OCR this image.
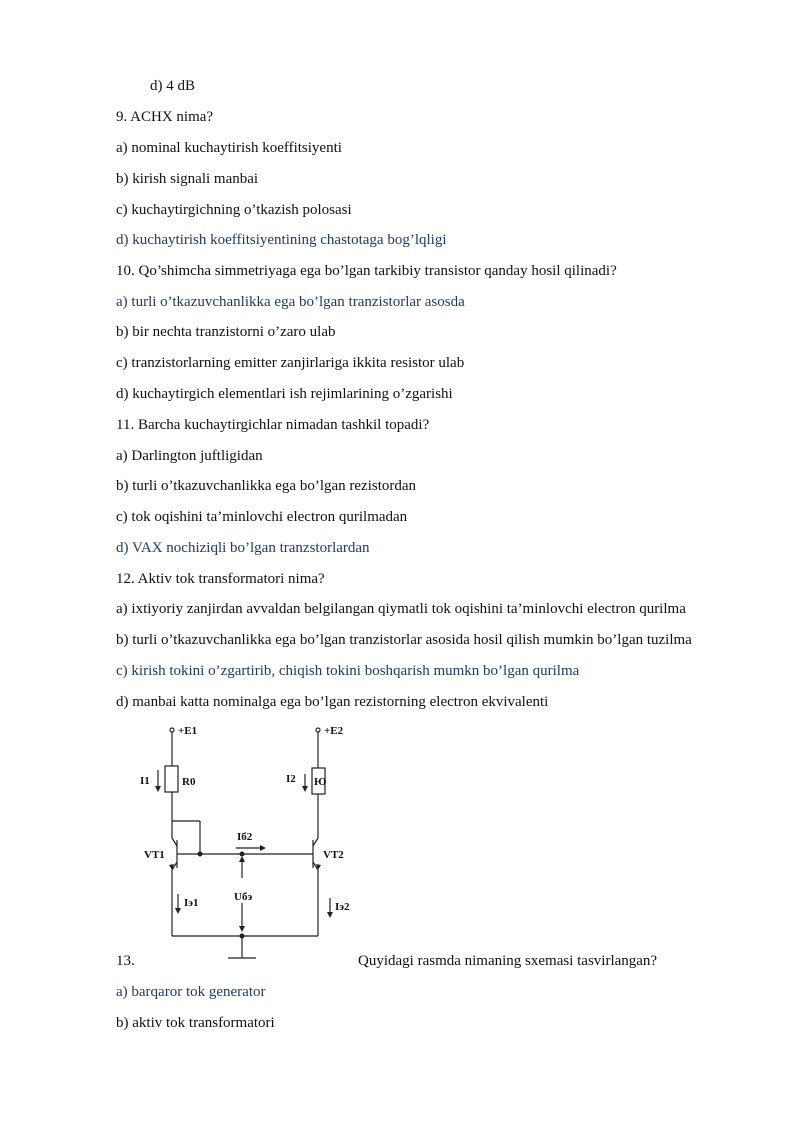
d) 4 dB
9. ACHX nima?
a) nominal kuchaytirish koeffitsiyenti
b) kirish signali manbai
c) kuchaytirgichning o’tkazish polosasi
d) kuchaytirish koeffitsiyentining chastotaga bog’lqligi
10. Qo’shimcha simmetriyaga ega bo’lgan tarkibiy transistor qanday hosil qilinadi?
a) turli o’tkazuvchanlikka ega bo’lgan tranzistorlar asosda
b) bir nechta tranzistorni o’zaro ulab
c) tranzistorlarning emitter zanjirlariga ikkita resistor ulab
d) kuchaytirgich elementlari ish rejimlarining o’zgarishi
11. Barcha kuchaytirgichlar nimadan tashkil topadi?
a) Darlington juftligidan
b) turli o’tkazuvchanlikka ega bo’lgan rezistordan
c) tok oqishini ta’minlovchi electron qurilmadan
d) VAX nochiziqli bo’lgan tranzstorlardan
12. Aktiv tok transformatori nima?
a) ixtiyoriy zanjirdan avvaldan belgilangan qiymatli tok oqishini ta’minlovchi electron qurilma
b) turli o’tkazuvchanlikka ega bo’lgan tranzistorlar asosida hosil qilish mumkin bo’lgan tuzilma
c) kirish tokini o’zgartirib, chiqish tokini boshqarish mumkn bo’lgan qurilma
d) manbai katta nominalga ega bo’lgan rezistorning electron ekvivalenti
+E1	+E2
I1	R0	I2 Ю
Iб2
VT1	VT2
Uбэ
Iэ1	Iэ2
13.	Quyidagi rasmda nimaning sxemasi tasvirlangan?
a) barqaror tok generator
b) aktiv tok transformatori
